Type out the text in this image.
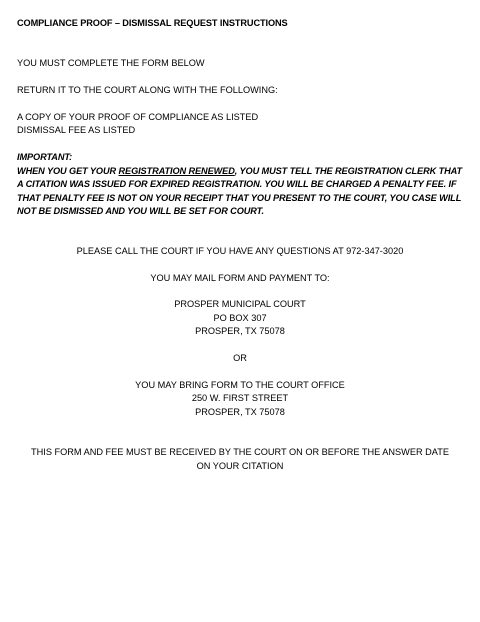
COMPLIANCE PROOF – DISMISSAL REQUEST INSTRUCTIONS
YOU MUST COMPLETE THE FORM BELOW
RETURN IT TO THE COURT ALONG WITH THE FOLLOWING:
A COPY OF YOUR PROOF OF COMPLIANCE AS LISTED
DISMISSAL FEE AS LISTED
IMPORTANT:
WHEN YOU GET YOUR REGISTRATION RENEWED, YOU MUST TELL THE REGISTRATION CLERK THAT A CITATION WAS ISSUED FOR EXPIRED REGISTRATION. YOU WILL BE CHARGED A PENALTY FEE. IF THAT PENALTY FEE IS NOT ON YOUR RECEIPT THAT YOU PRESENT TO THE COURT, YOU CASE WILL NOT BE DISMISSED AND YOU WILL BE SET FOR COURT.
PLEASE CALL THE COURT IF YOU HAVE ANY QUESTIONS AT 972-347-3020
YOU MAY MAIL FORM AND PAYMENT TO:
PROSPER MUNICIPAL COURT
PO BOX 307
PROSPER, TX 75078
OR
YOU MAY BRING FORM TO THE COURT OFFICE
250 W. FIRST STREET
PROSPER, TX 75078
THIS FORM AND FEE MUST BE RECEIVED BY THE COURT ON OR BEFORE THE ANSWER DATE ON YOUR CITATION
